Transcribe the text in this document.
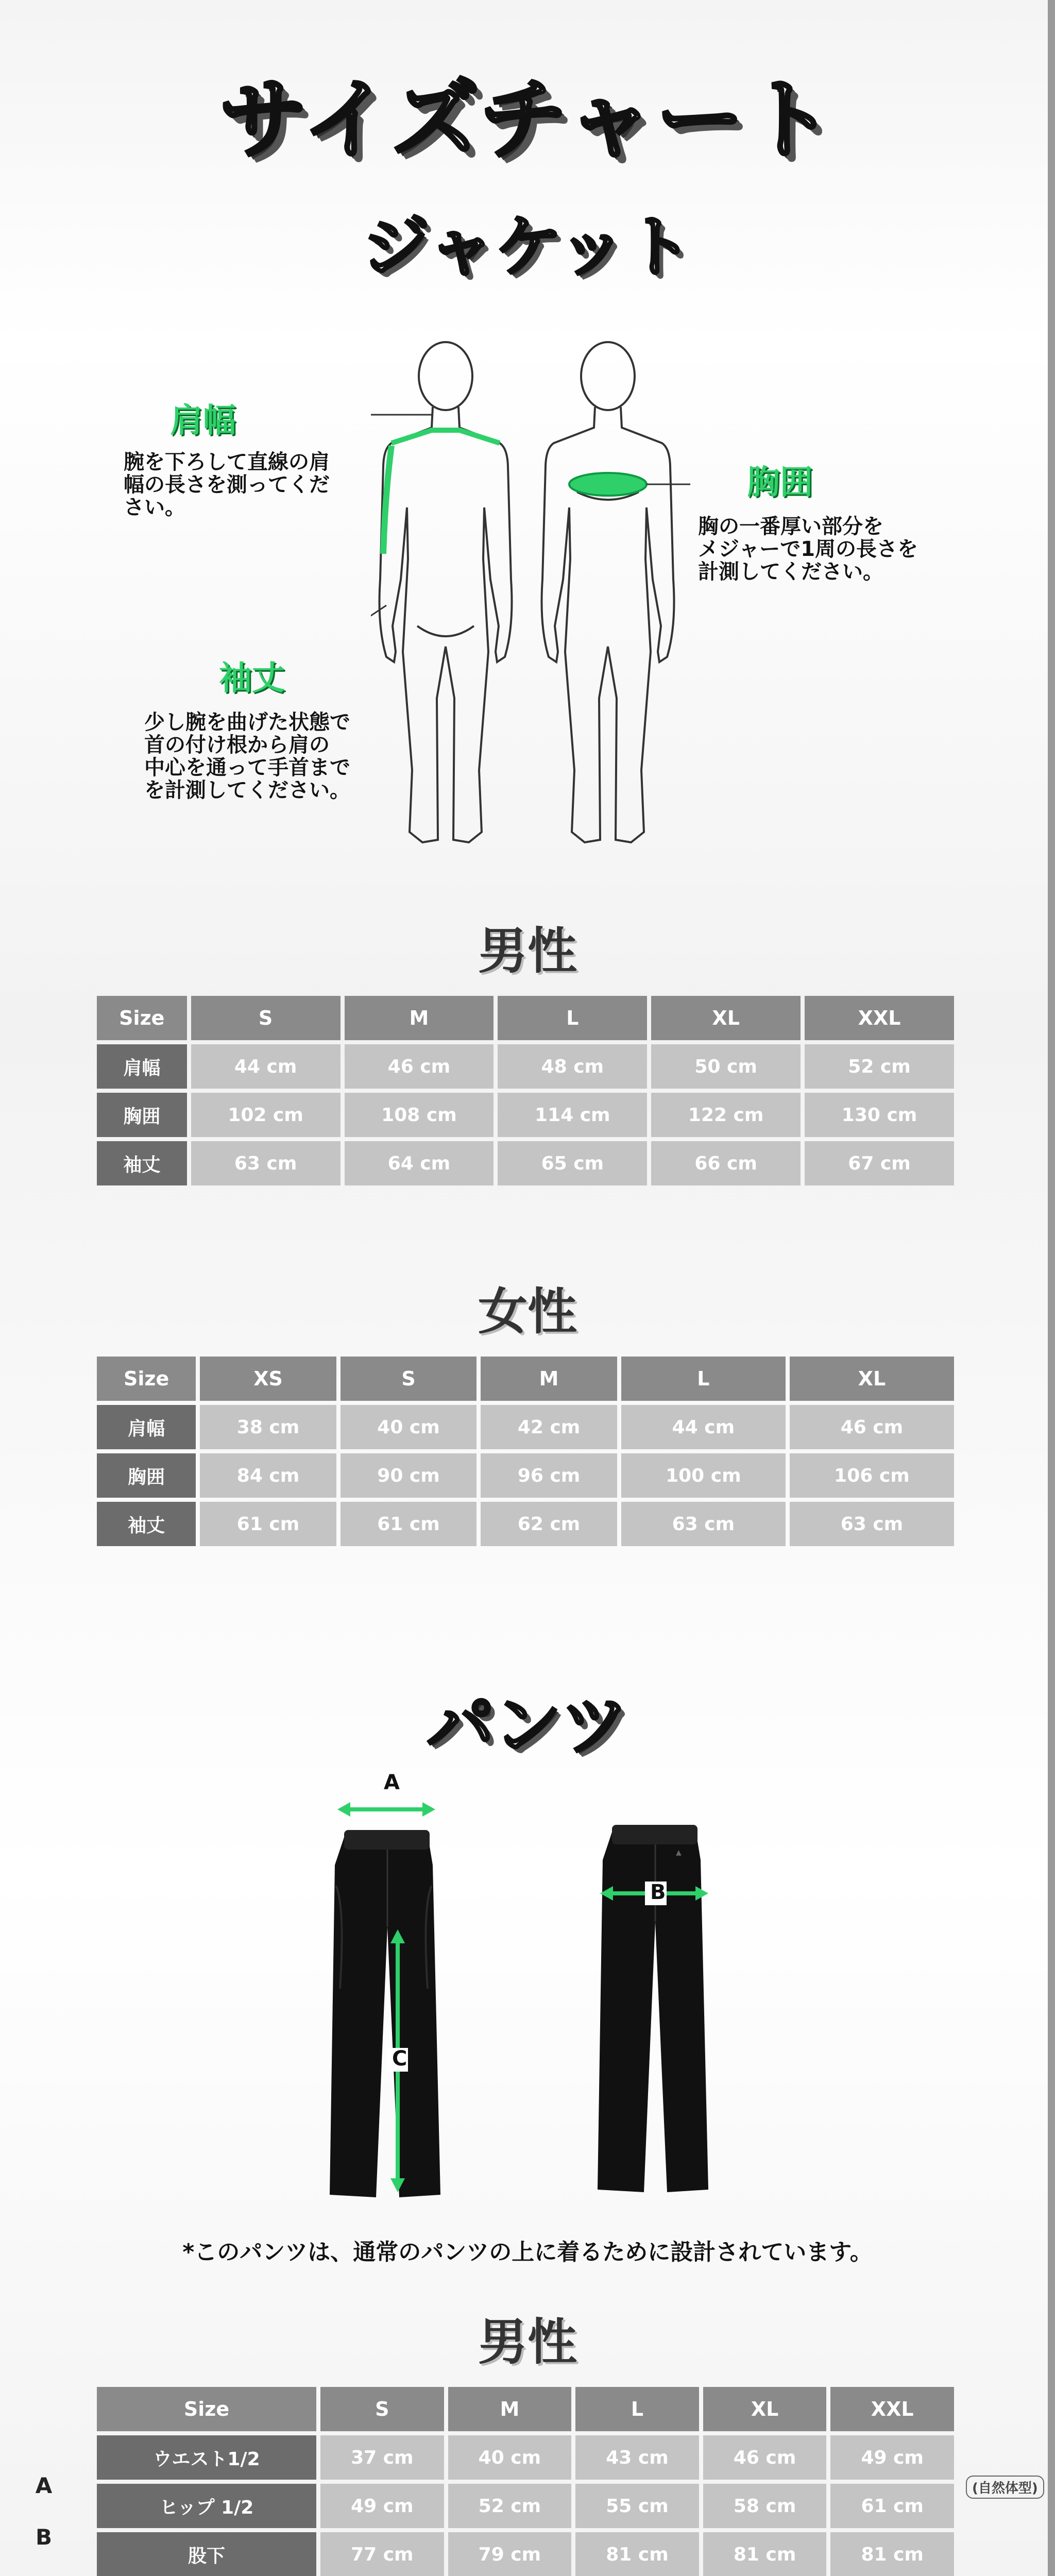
サイズチャート
ジャケット
肩幅
腕を下ろして直線の肩
幅の長さを測ってくだ
さい。
胸囲
胸の一番厚い部分を
メジャーで1周の長さを
計測してください。
袖丈
少し腕を曲げた状態で
首の付け根から肩の
中心を通って手首まで
を計測してください。
男性
Size	S	M	L	XL	XXL
肩幅	44 cm	46 cm	48 cm	50 cm	52 cm
胸囲	102 cm	108 cm	114 cm	122 cm	130 cm
袖丈	63 cm	64 cm	65 cm	66 cm	67 cm
女性
Size	XS	S	M	L	XL
肩幅	38 cm	40 cm	42 cm	44 cm	46 cm
胸囲	84 cm	90 cm	96 cm	100 cm	106 cm
袖丈	61 cm	61 cm	62 cm	63 cm	63 cm
パンツ
▲
A
B
C
*このパンツは、通常のパンツの上に着るために設計されています。
男性
Size	S	M	L	XL	XXL
ウエスト1/2	37 cm	40 cm	43 cm	46 cm	49 cm
ヒップ 1/2	49 cm	52 cm	55 cm	58 cm	61 cm
股下	77 cm	79 cm	81 cm	81 cm	81 cm

A
B
(自然体型)
